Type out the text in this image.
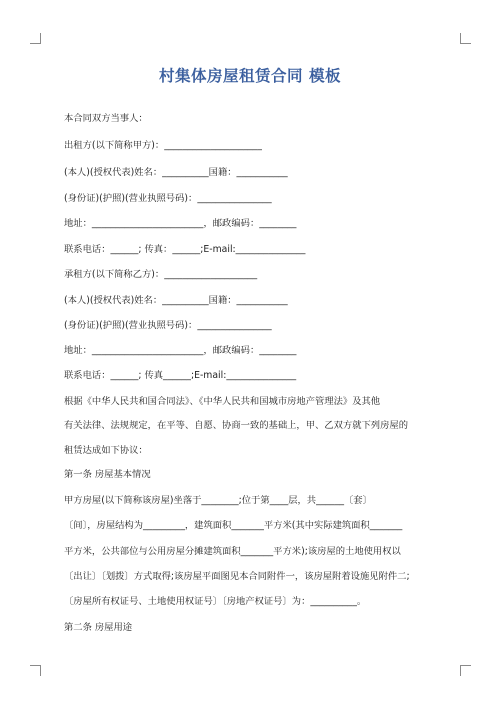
村集体房屋租赁合同 模板
本合同双方当事人：
出租方(以下简称甲方)：_____________________
(本人)(授权代表)姓名：__________国籍：___________
(身份证)(护照)(营业执照号码)：________________
地址：________________________，邮政编码：________
联系电话：______; 传真：______;E-mail:_______________
承租方(以下简称乙方)：____________________
(本人)(授权代表)姓名：__________国籍：___________
(身份证)(护照)(营业执照号码)：________________
地址：________________________，邮政编码：________
联系电话：______; 传真______;E-mail:_______________
根据《中华人民共和国合同法》、《中华人民共和国城市房地产管理法》及其他
有关法律、法规规定，在平等、自愿、协商一致的基础上，甲、乙双方就下列房屋的
租赁达成如下协议：
第一条 房屋基本情况
甲方房屋(以下简称该房屋)坐落于________;位于第____层，共______〔套〕
〔间〕，房屋结构为_________，建筑面积_______平方米(其中实际建筑面积_______
平方米，公共部位与公用房屋分摊建筑面积_______平方米);该房屋的土地使用权以
〔出让〕〔划拨〕方式取得;该房屋平面图见本合同附件一，该房屋附着设施见附件二;
〔房屋所有权证号、土地使用权证号〕〔房地产权证号〕为：__________。
第二条 房屋用途
